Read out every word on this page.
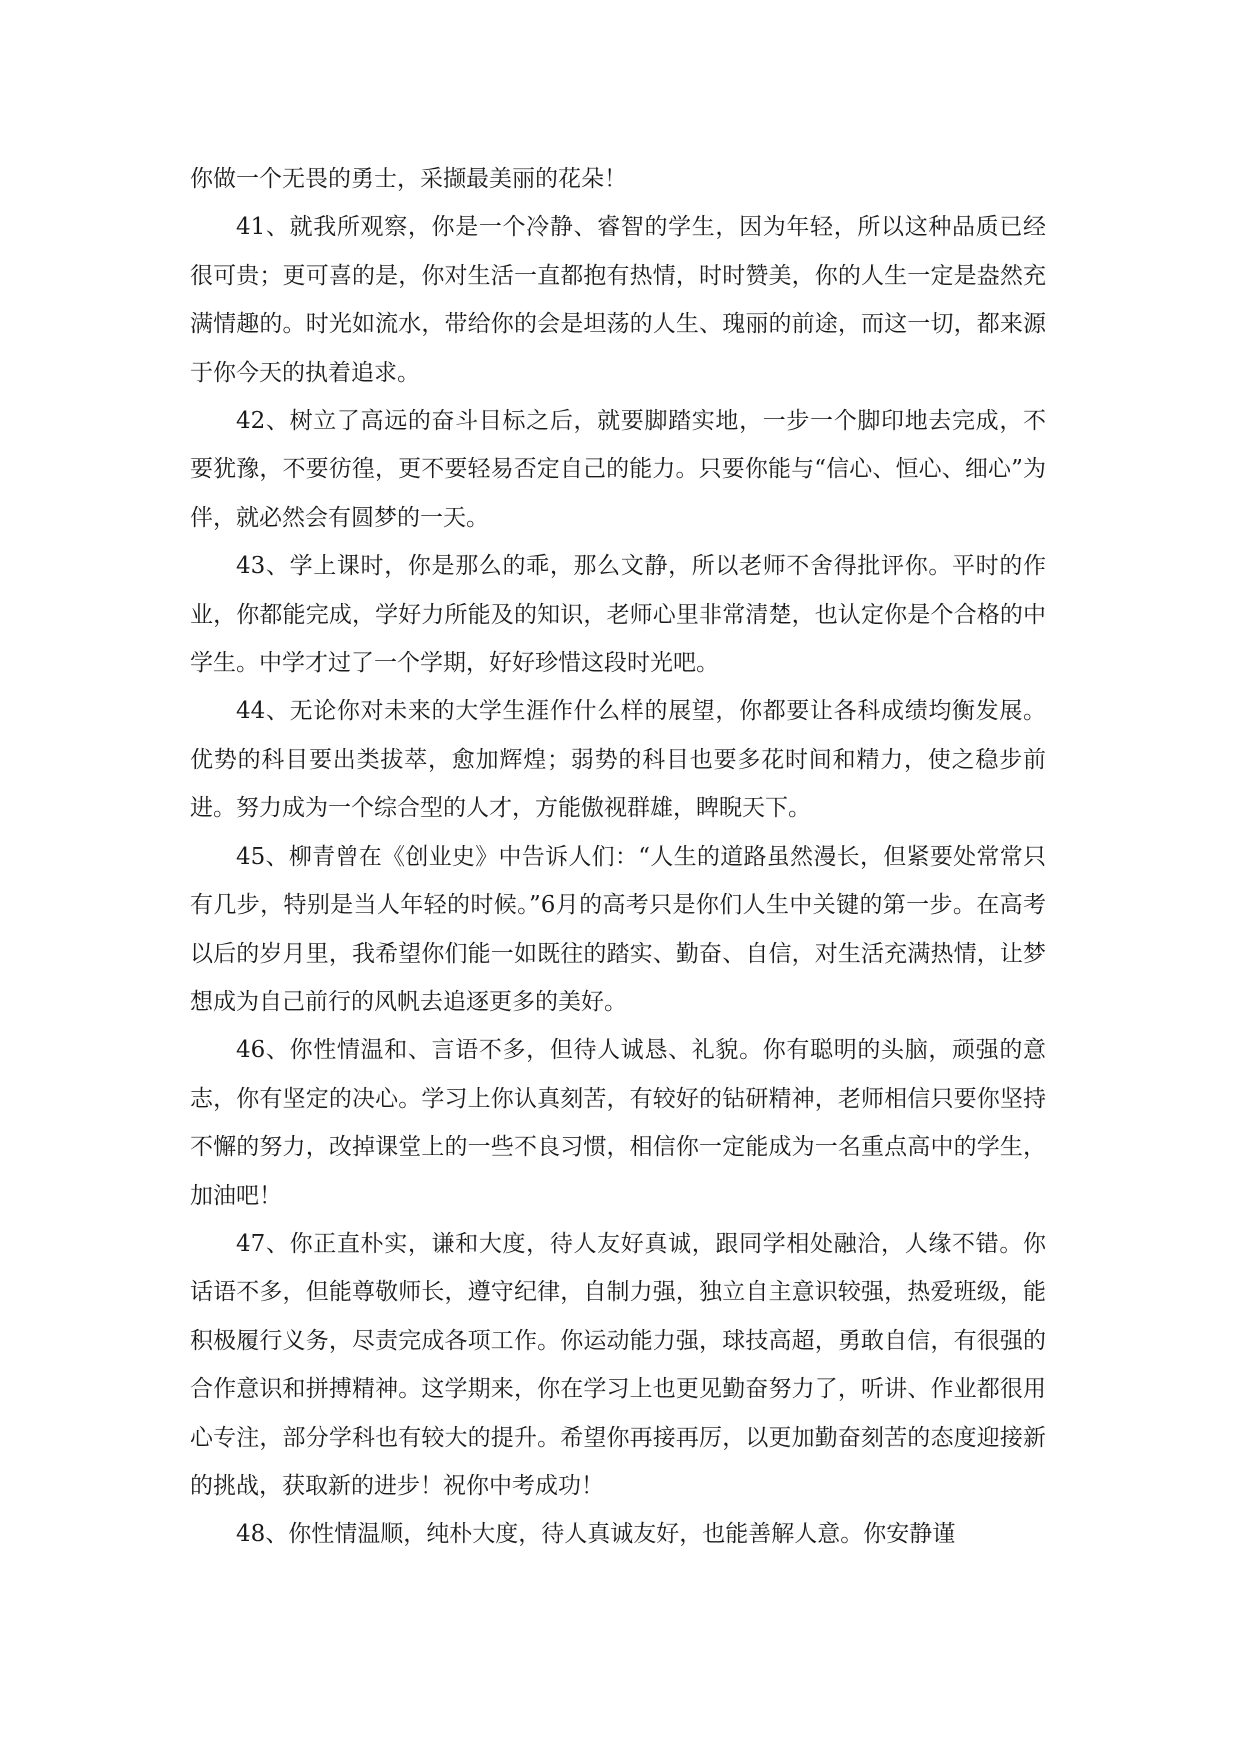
你做一个无畏的勇士，采撷最美丽的花朵！

41、就我所观察，你是一个冷静、睿智的学生，因为年轻，所以这种品质已经很可贵；更可喜的是，你对生活一直都抱有热情，时时赞美，你的人生一定是盎然充满情趣的。时光如流水，带给你的会是坦荡的人生、瑰丽的前途，而这一切，都来源于你今天的执着追求。

42、树立了高远的奋斗目标之后，就要脚踏实地，一步一个脚印地去完成，不要犹豫，不要彷徨，更不要轻易否定自己的能力。只要你能与“信心、恒心、细心”为伴，就必然会有圆梦的一天。

43、学上课时，你是那么的乖，那么文静，所以老师不舍得批评你。平时的作业，你都能完成，学好力所能及的知识，老师心里非常清楚，也认定你是个合格的中学生。中学才过了一个学期，好好珍惜这段时光吧。

44、无论你对未来的大学生涯作什么样的展望，你都要让各科成绩均衡发展。优势的科目要出类拔萃，愈加辉煌；弱势的科目也要多花时间和精力，使之稳步前进。努力成为一个综合型的人才，方能傲视群雄，睥睨天下。

45、柳青曾在《创业史》中告诉人们：“人生的道路虽然漫长，但紧要处常常只有几步，特别是当人年轻的时候。”6月的高考只是你们人生中关键的第一步。在高考以后的岁月里，我希望你们能一如既往的踏实、勤奋、自信，对生活充满热情，让梦想成为自己前行的风帆去追逐更多的美好。

46、你性情温和、言语不多，但待人诚恳、礼貌。你有聪明的头脑，顽强的意志，你有坚定的决心。学习上你认真刻苦，有较好的钻研精神，老师相信只要你坚持不懈的努力，改掉课堂上的一些不良习惯，相信你一定能成为一名重点高中的学生，加油吧！

47、你正直朴实，谦和大度，待人友好真诚，跟同学相处融洽，人缘不错。你话语不多，但能尊敬师长，遵守纪律，自制力强，独立自主意识较强，热爱班级，能积极履行义务，尽责完成各项工作。你运动能力强，球技高超，勇敢自信，有很强的合作意识和拼搏精神。这学期来，你在学习上也更见勤奋努力了，听讲、作业都很用心专注，部分学科也有较大的提升。希望你再接再厉，以更加勤奋刻苦的态度迎接新的挑战，获取新的进步！祝你中考成功！

48、你性情温顺，纯朴大度，待人真诚友好，也能善解人意。你安静谨
